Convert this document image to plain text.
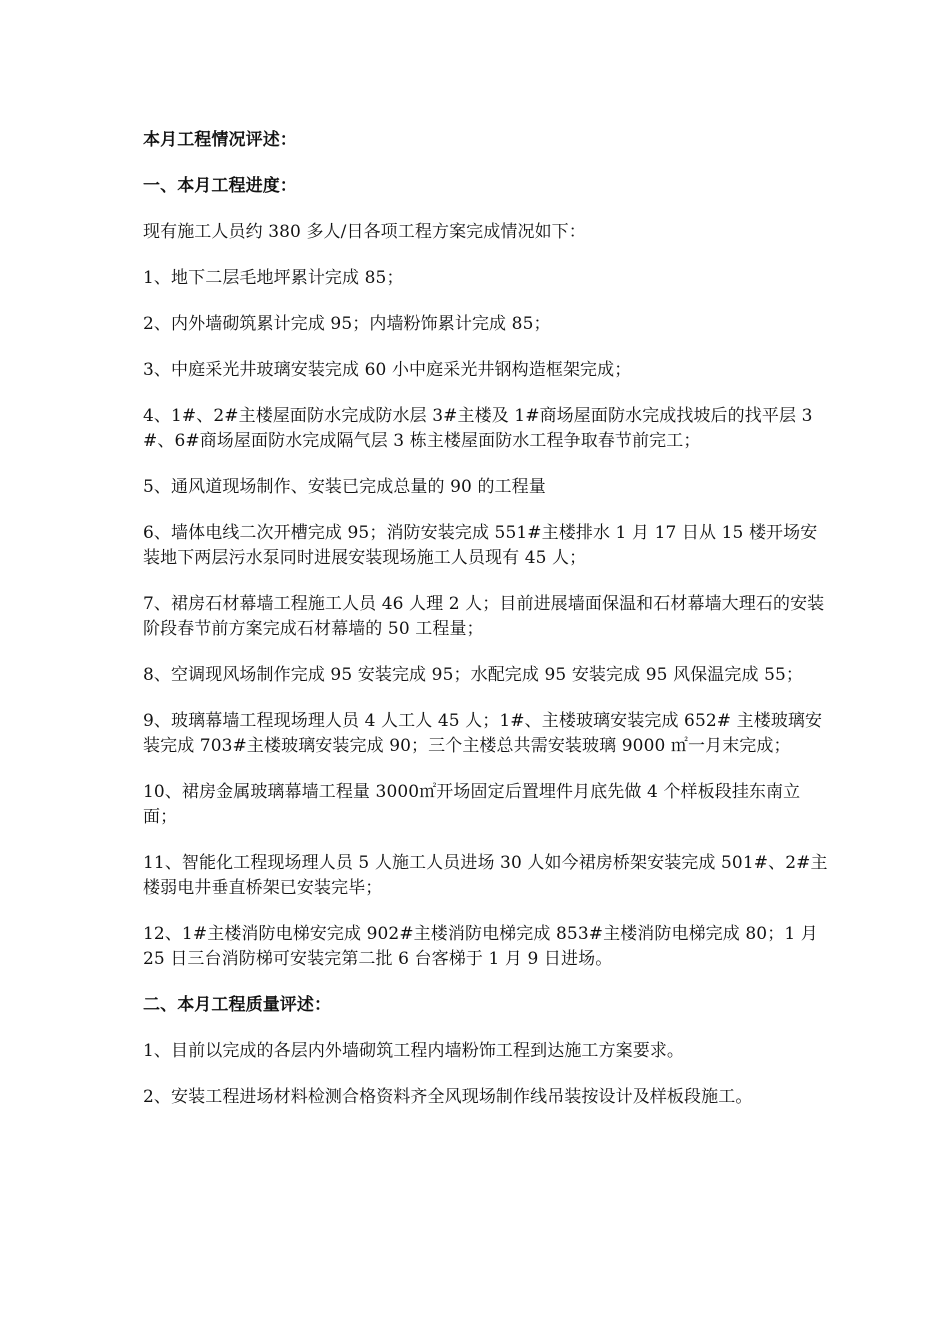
本月工程情况评述：

一、本月工程进度：

现有施工人员约 380 多人/日各项工程方案完成情况如下：

1、地下二层毛地坪累计完成 85；

2、内外墙砌筑累计完成 95；内墙粉饰累计完成 85；

3、中庭采光井玻璃安装完成 60 小中庭采光井钢构造框架完成；

4、1#、2#主楼屋面防水完成防水层 3#主楼及 1#商场屋面防水完成找坡后的找平层 3#、6#商场屋面防水完成隔气层 3 栋主楼屋面防水工程争取春节前完工；

5、通风道现场制作、安装已完成总量的 90 的工程量

6、墙体电线二次开槽完成 95；消防安装完成 551#主楼排水 1 月 17 日从 15 楼开场安装地下两层污水泵同时进展安装现场施工人员现有 45 人；

7、裙房石材幕墙工程施工人员 46 人理 2 人；目前进展墙面保温和石材幕墙大理石的安装阶段春节前方案完成石材幕墙的 50 工程量；

8、空调现风场制作完成 95 安装完成 95；水配完成 95 安装完成 95 风保温完成 55；

9、玻璃幕墙工程现场理人员 4 人工人 45 人；1#、主楼玻璃安装完成 652# 主楼玻璃安装完成 703#主楼玻璃安装完成 90；三个主楼总共需安装玻璃 9000 ㎡一月末完成；

10、裙房金属玻璃幕墙工程量 3000㎡开场固定后置埋件月底先做 4 个样板段挂东南立面；

11、智能化工程现场理人员 5 人施工人员进场 30 人如今裙房桥架安装完成 501#、2#主楼弱电井垂直桥架已安装完毕；

12、1#主楼消防电梯安完成 902#主楼消防电梯完成 853#主楼消防电梯完成 80；1 月 25 日三台消防梯可安装完第二批 6 台客梯于 1 月 9 日进场。

二、本月工程质量评述：

1、目前以完成的各层内外墙砌筑工程内墙粉饰工程到达施工方案要求。

2、安装工程进场材料检测合格资料齐全风现场制作线吊装按设计及样板段施工。
